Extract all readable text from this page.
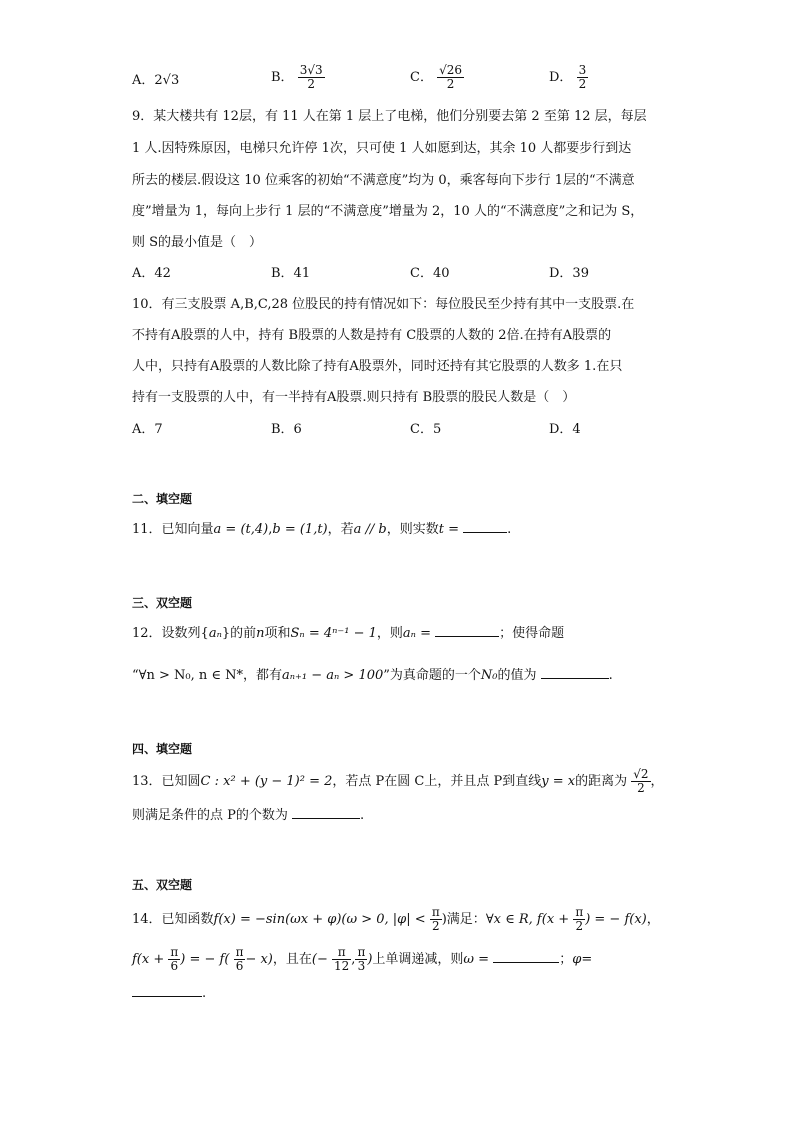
A．2√3	B． $\frac{3√3}{2}$	C． $\frac{√26}{2}$	D． $\frac{3}{2}$
9．某大楼共有 12层，有 11 人在第 1 层上了电梯，他们分别要去第 2 至第 12 层，每层
1 人.因特殊原因，电梯只允许停 1次，只可使 1 人如愿到达，其余 10 人都要步行到达
所去的楼层.假设这 10 位乘客的初始“不满意度”均为 0，乘客每向下步行 1层的“不满意
度”增量为 1，每向上步行 1 层的“不满意度”增量为 2，10 人的“不满意度”之和记为 S，
则 S的最小值是（　）
A．42	B．41	C．40	D．39
10．有三支股票 A,B,C,28 位股民的持有情况如下：每位股民至少持有其中一支股票.在
不持有A股票的人中，持有 B股票的人数是持有 C股票的人数的 2倍.在持有A股票的
人中，只持有A股票的人数比除了持有A股票外，同时还持有其它股票的人数多 1.在只
持有一支股票的人中，有一半持有A股票.则只持有 B股票的股民人数是（　）
A．7	B．6	C．5	D．4
二、填空题
11．已知向量a = (t,4),b = (1,t)，若a // b，则实数t =	.
三、双空题
12．设数列{aₙ}的前n项和Sₙ = 4ⁿ⁻¹ − 1，则aₙ =	；使得命题
“∀n > N₀, n ∈ N*，都有aₙ₊₁ − aₙ > 100”为真命题的一个N₀的值为	.
四、填空题
13．已知圆C : x² + (y − 1)² = 2，若点 P在圆 C上，并且点 P到直线y = x的距离为 $\frac{√2}{2}$ ，
则满足条件的点 P的个数为	.
五、双空题
14．已知函数f(x) = −sin(ωx + φ)(ω > 0, $|\varphi| < \frac{\pi}{2}$ )满足：∀x ∈ R, $f(x + \frac{\pi}{2}$ ) = − f(x)，
$f(x + \frac{\pi}{6}$ ) = − $f( \frac{\pi}{6} - x)$，且在(− $\frac{\pi}{12}$ , $\frac{\pi}{3}$ )上单调递减，则ω =	；φ=
.
